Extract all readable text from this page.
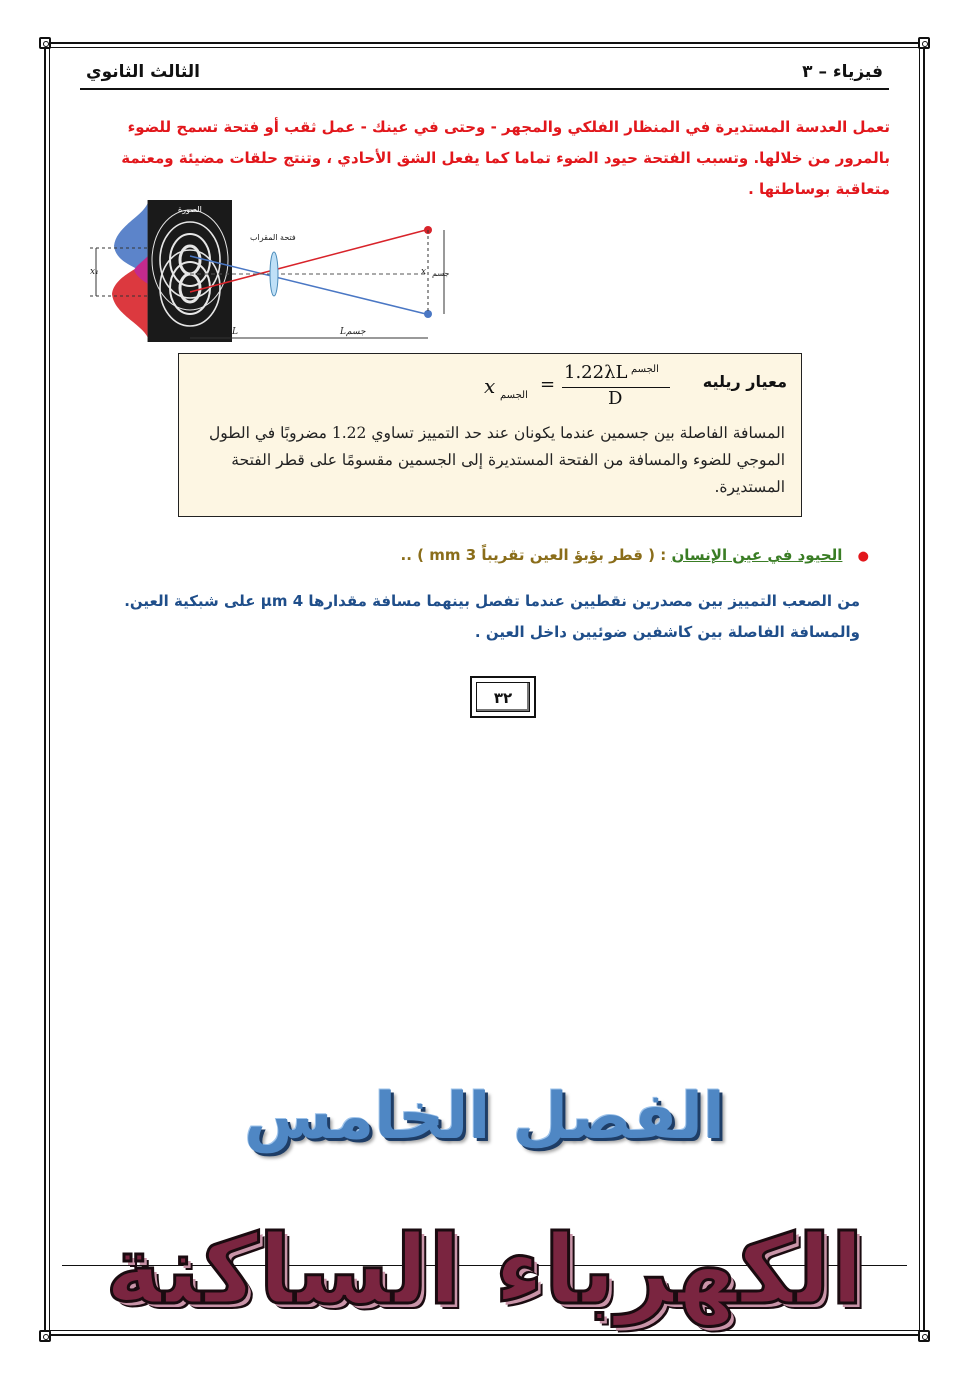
فيزياء – ٣
الثالث الثانوي
تعمل العدسة المستديرة في المنظار الفلكي والمجهر - وحتى في عينك - عمل ثقب أو فتحة تسمح للضوء بالمرور من خلالها. وتسبب الفتحة حيود الضوء تماما كما يفعل الشق الأحادي ، وتنتج حلقات مضيئة ومعتمة متعاقبة بوساطتها .
x₁
الصورة
فتحة المقراب
جسم
x
L	Lجسم
معيار ريليه
x الجسم
=
1.22λL الجسم
D
المسافة الفاصلة بين جسمين عندما يكونان عند حد التمييز تساوي 1.22 مضروبًا في الطول الموجي للضوء والمسافة من الفتحة المستديرة إلى الجسمين مقسومًا على قطر الفتحة المستديرة.
● الحيود في عين الإنسان : ( قطر بؤبؤ العين تقريباً 3 mm ) ..
من الصعب التمييز بين مصدرين نقطيين عندما تفصل بينهما مسافة مقدارها 4 µm على شبكية العين.
والمسافة الفاصلة بين كاشفين ضوئيين داخل العين .
٣٢
الفصل الخامس
الكهرباء الساكنة
